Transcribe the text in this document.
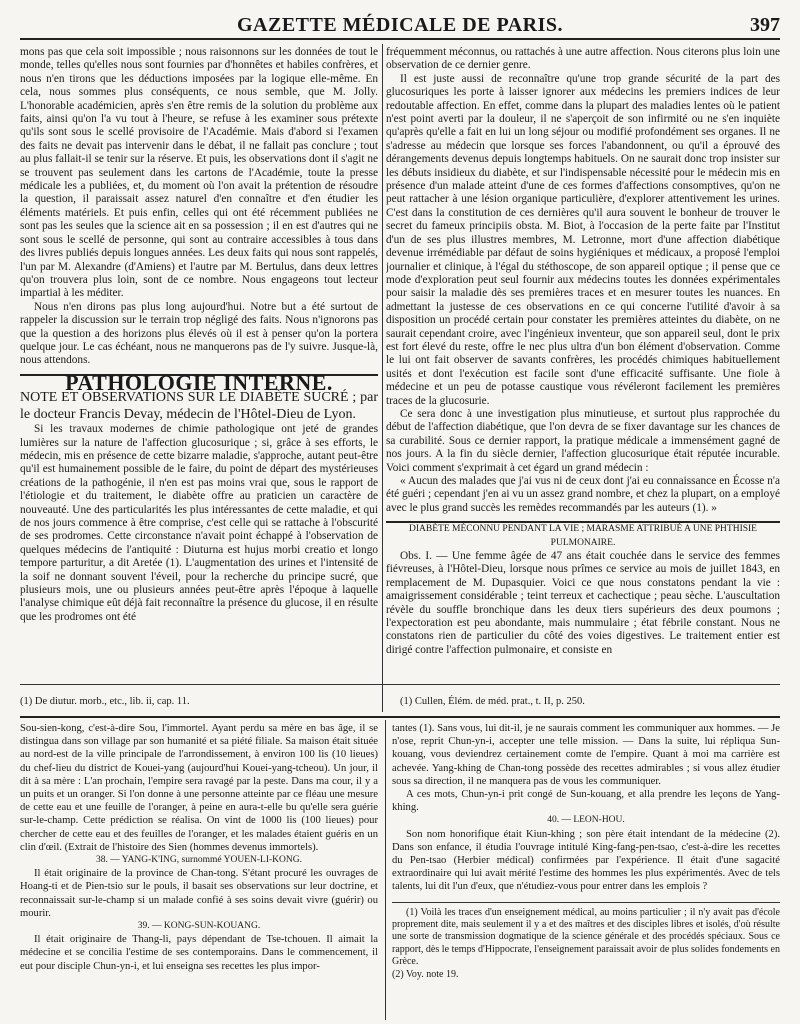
GAZETTE MÉDICALE DE PARIS.	397

mons pas que cela soit impossible ; nous raisonnons sur les données de tout le monde, telles qu'elles nous sont fournies par d'honnêtes et habiles confrères, et nous n'en tirons que les déductions imposées par la logique elle-même. En cela, nous sommes plus conséquents, ce nous semble, que M. Jolly. L'honorable académicien, après s'en être remis de la solution du problème aux faits, ainsi qu'on l'a vu tout à l'heure, se refuse à les examiner sous prétexte qu'ils sont sous le scellé provisoire de l'Académie. Mais d'abord si l'examen des faits ne devait pas intervenir dans le débat, il ne fallait pas conclure ; tout au plus fallait-il se tenir sur la réserve. Et puis, les observations dont il s'agit ne se trouvent pas seulement dans les cartons de l'Académie, toute la presse médicale les a publiées, et, du moment où l'on avait la prétention de résoudre la question, il paraissait assez naturel d'en connaître et d'en étudier les éléments matériels. Et puis enfin, celles qui ont été récemment publiées ne sont pas les seules que la science ait en sa possession ; il en est d'autres qui ne sont sous le scellé de personne, qui sont au contraire accessibles à tous dans des livres publiés depuis longues années. Les deux faits qui nous sont rappelés, l'un par M. Alexandre (d'Amiens) et l'autre par M. Bertulus, dans deux lettres qu'on trouvera plus loin, sont de ce nombre. Nous engageons tout lecteur impartial à les méditer.

Nous n'en dirons pas plus long aujourd'hui. Notre but a été surtout de rappeler la discussion sur le terrain trop négligé des faits. Nous n'ignorons pas que la question a des horizons plus élevés où il est à penser qu'on la portera quelque jour. Le cas échéant, nous ne manquerons pas de l'y suivre. Jusque-là, nous attendons.

PATHOLOGIE INTERNE.

NOTE ET OBSERVATIONS SUR LE DIABÈTE SUCRÉ ; par le docteur Francis Devay, médecin de l'Hôtel-Dieu de Lyon.

Si les travaux modernes de chimie pathologique ont jeté de grandes lumières sur la nature de l'affection glucosurique ; si, grâce à ses efforts, le médecin, mis en présence de cette bizarre maladie, s'approche, autant peut-être qu'il est humainement possible de le faire, du point de départ des mystérieuses créations de la pathogénie, il n'en est pas moins vrai que, sous le rapport de l'étiologie et du traitement, le diabète offre au praticien un caractère de nouveauté. Une des particularités les plus intéressantes de cette maladie, et qui de nos jours commence à être comprise, c'est celle qui se rattache à l'obscurité de ses prodromes. Cette circonstance n'avait point échappé à l'observation de quelques médecins de l'antiquité : Diuturna est hujus morbi creatio et longo tempore parturitur, a dit Aretée (1). L'augmentation des urines et l'intensité de la soif ne donnant souvent l'éveil, pour la recherche du principe sucré, que plusieurs mois, une ou plusieurs années peut-être après l'époque à laquelle l'analyse chimique eût déjà fait reconnaître la présence du glucose, il en résulte que les prodromes ont été

fréquemment méconnus, ou rattachés à une autre affection. Nous citerons plus loin une observation de ce dernier genre.

Il est juste aussi de reconnaître qu'une trop grande sécurité de la part des glucosuriques les porte à laisser ignorer aux médecins les premiers indices de leur redoutable affection. En effet, comme dans la plupart des maladies lentes où le patient n'est point averti par la douleur, il ne s'aperçoit de son infirmité ou ne s'en inquiète qu'après qu'elle a fait en lui un long séjour ou modifié profondément ses organes. Il ne s'adresse au médecin que lorsque ses forces l'abandonnent, ou qu'il a éprouvé des dérangements devenus depuis longtemps habituels. On ne saurait donc trop insister sur les débuts insidieux du diabète, et sur l'indispensable nécessité pour le médecin mis en présence d'un malade atteint d'une de ces formes d'affections consomptives, qu'on ne peut rattacher à une lésion organique particulière, d'explorer attentivement les urines. C'est dans la constitution de ces dernières qu'il aura souvent le bonheur de trouver le secret du fameux principiis obsta. M. Biot, à l'occasion de la perte faite par l'Institut d'un de ses plus illustres membres, M. Letronne, mort d'une affection diabétique devenue irrémédiable par défaut de soins hygiéniques et médicaux, a proposé l'emploi journalier et clinique, à l'égal du stéthoscope, de son appareil optique ; il pense que ce mode d'exploration peut seul fournir aux médecins toutes les données expérimentales pour saisir la maladie dès ses premières traces et en mesurer toutes les nuances. En admettant la justesse de ces observations en ce qui concerne l'utilité d'avoir à sa disposition un procédé certain pour constater les premières atteintes du diabète, on ne saurait cependant croire, avec l'ingénieux inventeur, que son appareil seul, dont le prix est fort élevé du reste, offre le nec plus ultra d'un bon élément d'observation. Comme le lui ont fait observer de savants confrères, les procédés chimiques habituellement usités et dont l'exécution est facile sont d'une efficacité suffisante. Une fiole à médecine et un peu de potasse caustique vous révéleront facilement les premières traces de la glucosurie.

Ce sera donc à une investigation plus minutieuse, et surtout plus rapprochée du début de l'affection diabétique, que l'on devra de se fixer davantage sur les chances de sa curabilité. Sous ce dernier rapport, la pratique médicale a immensément gagné de nos jours. A la fin du siècle dernier, l'affection glucosurique était réputée incurable. Voici comment s'exprimait à cet égard un grand médecin :

« Aucun des malades que j'ai vus ni de ceux dont j'ai eu connaissance en Écosse n'a été guéri ; cependant j'en ai vu un assez grand nombre, et chez la plupart, on a employé avec le plus grand succès les remèdes recommandés par les auteurs (1). »

DIABÈTE MÉCONNU PENDANT LA VIE ; MARASME ATTRIBUÉ A UNE PHTHISIE PULMONAIRE.

Obs. I. — Une femme âgée de 47 ans était couchée dans le service des femmes fiévreuses, à l'Hôtel-Dieu, lorsque nous prîmes ce service au mois de juillet 1843, en remplacement de M. Dupasquier. Voici ce que nous constatons pendant la vie : amaigrissement considérable ; teint terreux et cachectique ; peau sèche. L'auscultation révèle du souffle bronchique dans les deux tiers supérieurs des deux poumons ; l'expectoration est peu abondante, mais nummulaire ; état fébrile constant. Nous ne constatons rien de particulier du côté des voies digestives. Le traitement entier est dirigé contre l'affection pulmonaire, et consiste en

(1) De diutur. morb., etc., lib. ii, cap. 11.	(1) Cullen, Élém. de méd. prat., t. II, p. 250.

Sou-sien-kong, c'est-à-dire Sou, l'immortel. Ayant perdu sa mère en bas âge, il se distingua dans son village par son humanité et sa piété filiale. Sa maison était située au nord-est de la ville principale de l'arrondissement, à environ 100 lis (10 lieues) du chef-lieu du district de Kouei-yang (aujourd'hui Kouei-yang-tcheou). Un jour, il dit à sa mère : L'an prochain, l'empire sera ravagé par la peste. Dans ma cour, il y a un puits et un oranger. Si l'on donne à une personne atteinte par ce fléau une mesure de cette eau et une feuille de l'oranger, à peine en aura-t-elle bu qu'elle sera guérie sur-le-champ. Cette prédiction se réalisa. On vint de 1000 lis (100 lieues) pour chercher de cette eau et des feuilles de l'oranger, et les malades étaient guéris en un clin d'œil. (Extrait de l'histoire des Sien (hommes devenus immortels).

38. — YANG-K'ING, surnommé YOUEN-LI-KONG.

Il était originaire de la province de Chan-tong. S'étant procuré les ouvrages de Hoang-ti et de Pien-tsio sur le pouls, il basait ses observations sur leur doctrine, et reconnaissait sur-le-champ si un malade confié à ses soins devait vivre (guérir) ou mourir.

39. — KONG-SUN-KOUANG.

Il était originaire de Thang-li, pays dépendant de Tse-tchouen. Il aimait la médecine et se concilia l'estime de ses contemporains. Dans le commencement, il eut pour disciple Chun-yn-i, et lui enseigna ses recettes les plus impor-

tantes (1). Sans vous, lui dit-il, je ne saurais comment les communiquer aux hommes. — Je n'ose, reprit Chun-yn-i, accepter une telle mission. — Dans la suite, lui répliqua Sun-kouang, vous deviendrez certainement comte de l'empire. Quant à moi ma carrière est achevée. Yang-khing de Chan-tong possède des recettes admirables ; si vous allez étudier sous sa direction, il ne manquera pas de vous les communiquer.

A ces mots, Chun-yn-i prit congé de Sun-kouang, et alla prendre les leçons de Yang-khing.

40. — LEON-HOU.

Son nom honorifique était Kiun-khing ; son père était intendant de la médecine (2). Dans son enfance, il étudia l'ouvrage intitulé King-fang-pen-tsao, c'est-à-dire les recettes du Pen-tsao (Herbier médical) confirmées par l'expérience. Il était d'une sagacité extraordinaire qui lui avait mérité l'estime des hommes les plus expérimentés. Avec de tels talents, lui dit l'un d'eux, que n'étudiez-vous pour entrer dans les emplois ?

(1) Voilà les traces d'un enseignement médical, au moins particulier ; il n'y avait pas d'école proprement dite, mais seulement il y a et des maîtres et des disciples libres et isolés, d'où résulte une sorte de transmission dogmatique de la science générale et des procédés spéciaux. Sous ce rapport, dès le temps d'Hippocrate, l'enseignement paraissait avoir de plus solides fondements en Grèce.

(2) Voy. note 19.
